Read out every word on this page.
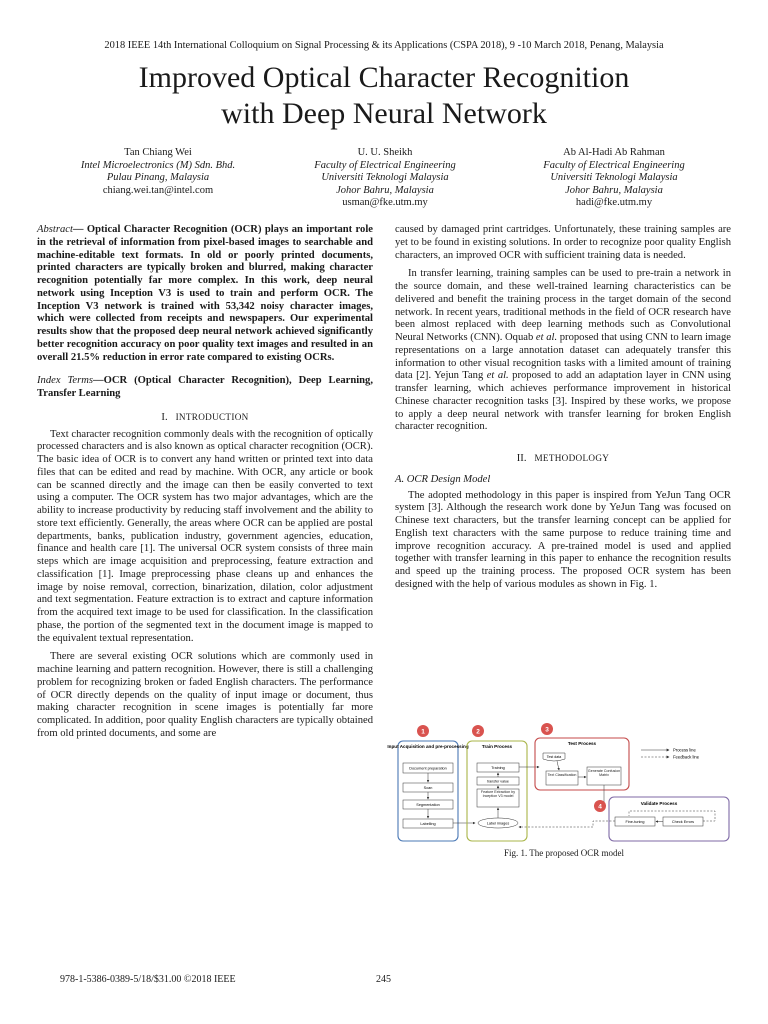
2018 IEEE 14th International Colloquium on Signal Processing & its Applications (CSPA 2018), 9 -10 March 2018, Penang, Malaysia
Improved Optical Character Recognition
with Deep Neural Network
Tan Chiang Wei
Intel Microelectronics (M) Sdn. Bhd.
Pulau Pinang, Malaysia
chiang.wei.tan@intel.com
U. U. Sheikh
Faculty of Electrical Engineering
Universiti Teknologi Malaysia
Johor Bahru, Malaysia
usman@fke.utm.my
Ab Al-Hadi Ab Rahman
Faculty of Electrical Engineering
Universiti Teknologi Malaysia
Johor Bahru, Malaysia
hadi@fke.utm.my

Abstract— Optical Character Recognition (OCR) plays an important role in the retrieval of information from pixel-based images to searchable and machine-editable text formats. In old or poorly printed documents, printed characters are typically broken and blurred, making character recognition potentially far more complex. In this work, deep neural network using Inception V3 is used to train and perform OCR. The Inception V3 network is trained with 53,342 noisy character images, which were collected from receipts and newspapers. Our experimental results show that the proposed deep neural network achieved significantly better recognition accuracy on poor quality text images and resulted in an overall 21.5% reduction in error rate compared to existing OCRs.

Index Terms—OCR (Optical Character Recognition), Deep Learning, Transfer Learning

I. INTRODUCTION

Text character recognition commonly deals with the recognition of optically processed characters and is also known as optical character recognition (OCR). The basic idea of OCR is to convert any hand written or printed text into data files that can be edited and read by machine. With OCR, any article or book can be scanned directly and the image can then be easily converted to text using a computer. The OCR system has two major advantages, which are the ability to increase productivity by reducing staff involvement and the ability to store text efficiently. Generally, the areas where OCR can be applied are postal departments, banks, publication industry, government agencies, education, finance and health care [1]. The universal OCR system consists of three main steps which are image acquisition and preprocessing, feature extraction and classification [1]. Image preprocessing phase cleans up and enhances the image by noise removal, correction, binarization, dilation, color adjustment and text segmentation. Feature extraction is to extract and capture information from the acquired text image to be used for classification. In the classification phase, the portion of the segmented text in the document image is mapped to the equivalent textual representation.

There are several existing OCR solutions which are commonly used in machine learning and pattern recognition. However, there is still a challenging problem for recognizing broken or faded English characters. The performance of OCR directly depends on the quality of input image or document, thus making character recognition in scene images is potentially far more complicated. In addition, poor quality English characters are typically obtained from old printed documents, and some are

caused by damaged print cartridges. Unfortunately, these training samples are yet to be found in existing solutions. In order to recognize poor quality English characters, an improved OCR with sufficient training data is needed.

In transfer learning, training samples can be used to pre-train a network in the source domain, and these well-trained learning characteristics can be delivered and benefit the training process in the target domain of the second network. In recent years, traditional methods in the field of OCR research have been almost replaced with deep learning methods such as Convolutional Neural Networks (CNN). Oquab et al. proposed that using CNN to learn image representations on a large annotation dataset can adequately transfer this information to other visual recognition tasks with a limited amount of training data [2]. Yejun Tang et al. proposed to add an adaptation layer in CNN using transfer learning, which achieves performance improvement in historical Chinese character recognition tasks [3]. Inspired by these works, we propose to apply a deep neural network with transfer learning for broken English character recognition.

II. METHODOLOGY

A. OCR Design Model

The adopted methodology in this paper is inspired from YeJun Tang OCR system [3]. Although the research work done by YeJun Tang was focused on Chinese text characters, but the transfer learning concept can be applied for English text characters with the same purpose to reduce training time and improve recognition accuracy. A pre-trained model is used and applied together with transfer learning in this paper to enhance the recognition results and speed up the training process. The proposed OCR system has been designed with the help of various modules as shown in Fig. 1.

Input Acquisition and pre-processing
Document preparation
Scan
Segmentation
Labelling
Train Process
Training
transfer value
Feature Extraction by Inception V3 model
Label images
Test Process
Test data
Text Classification
Generate Confusion Matrix
Process line
Feedback line
Validate Process
Fine-tuning	Check Errors
1	2	3
4
Fig. 1. The proposed OCR model
978-1-5386-0389-5/18/$31.00 ©2018 IEEE	245
